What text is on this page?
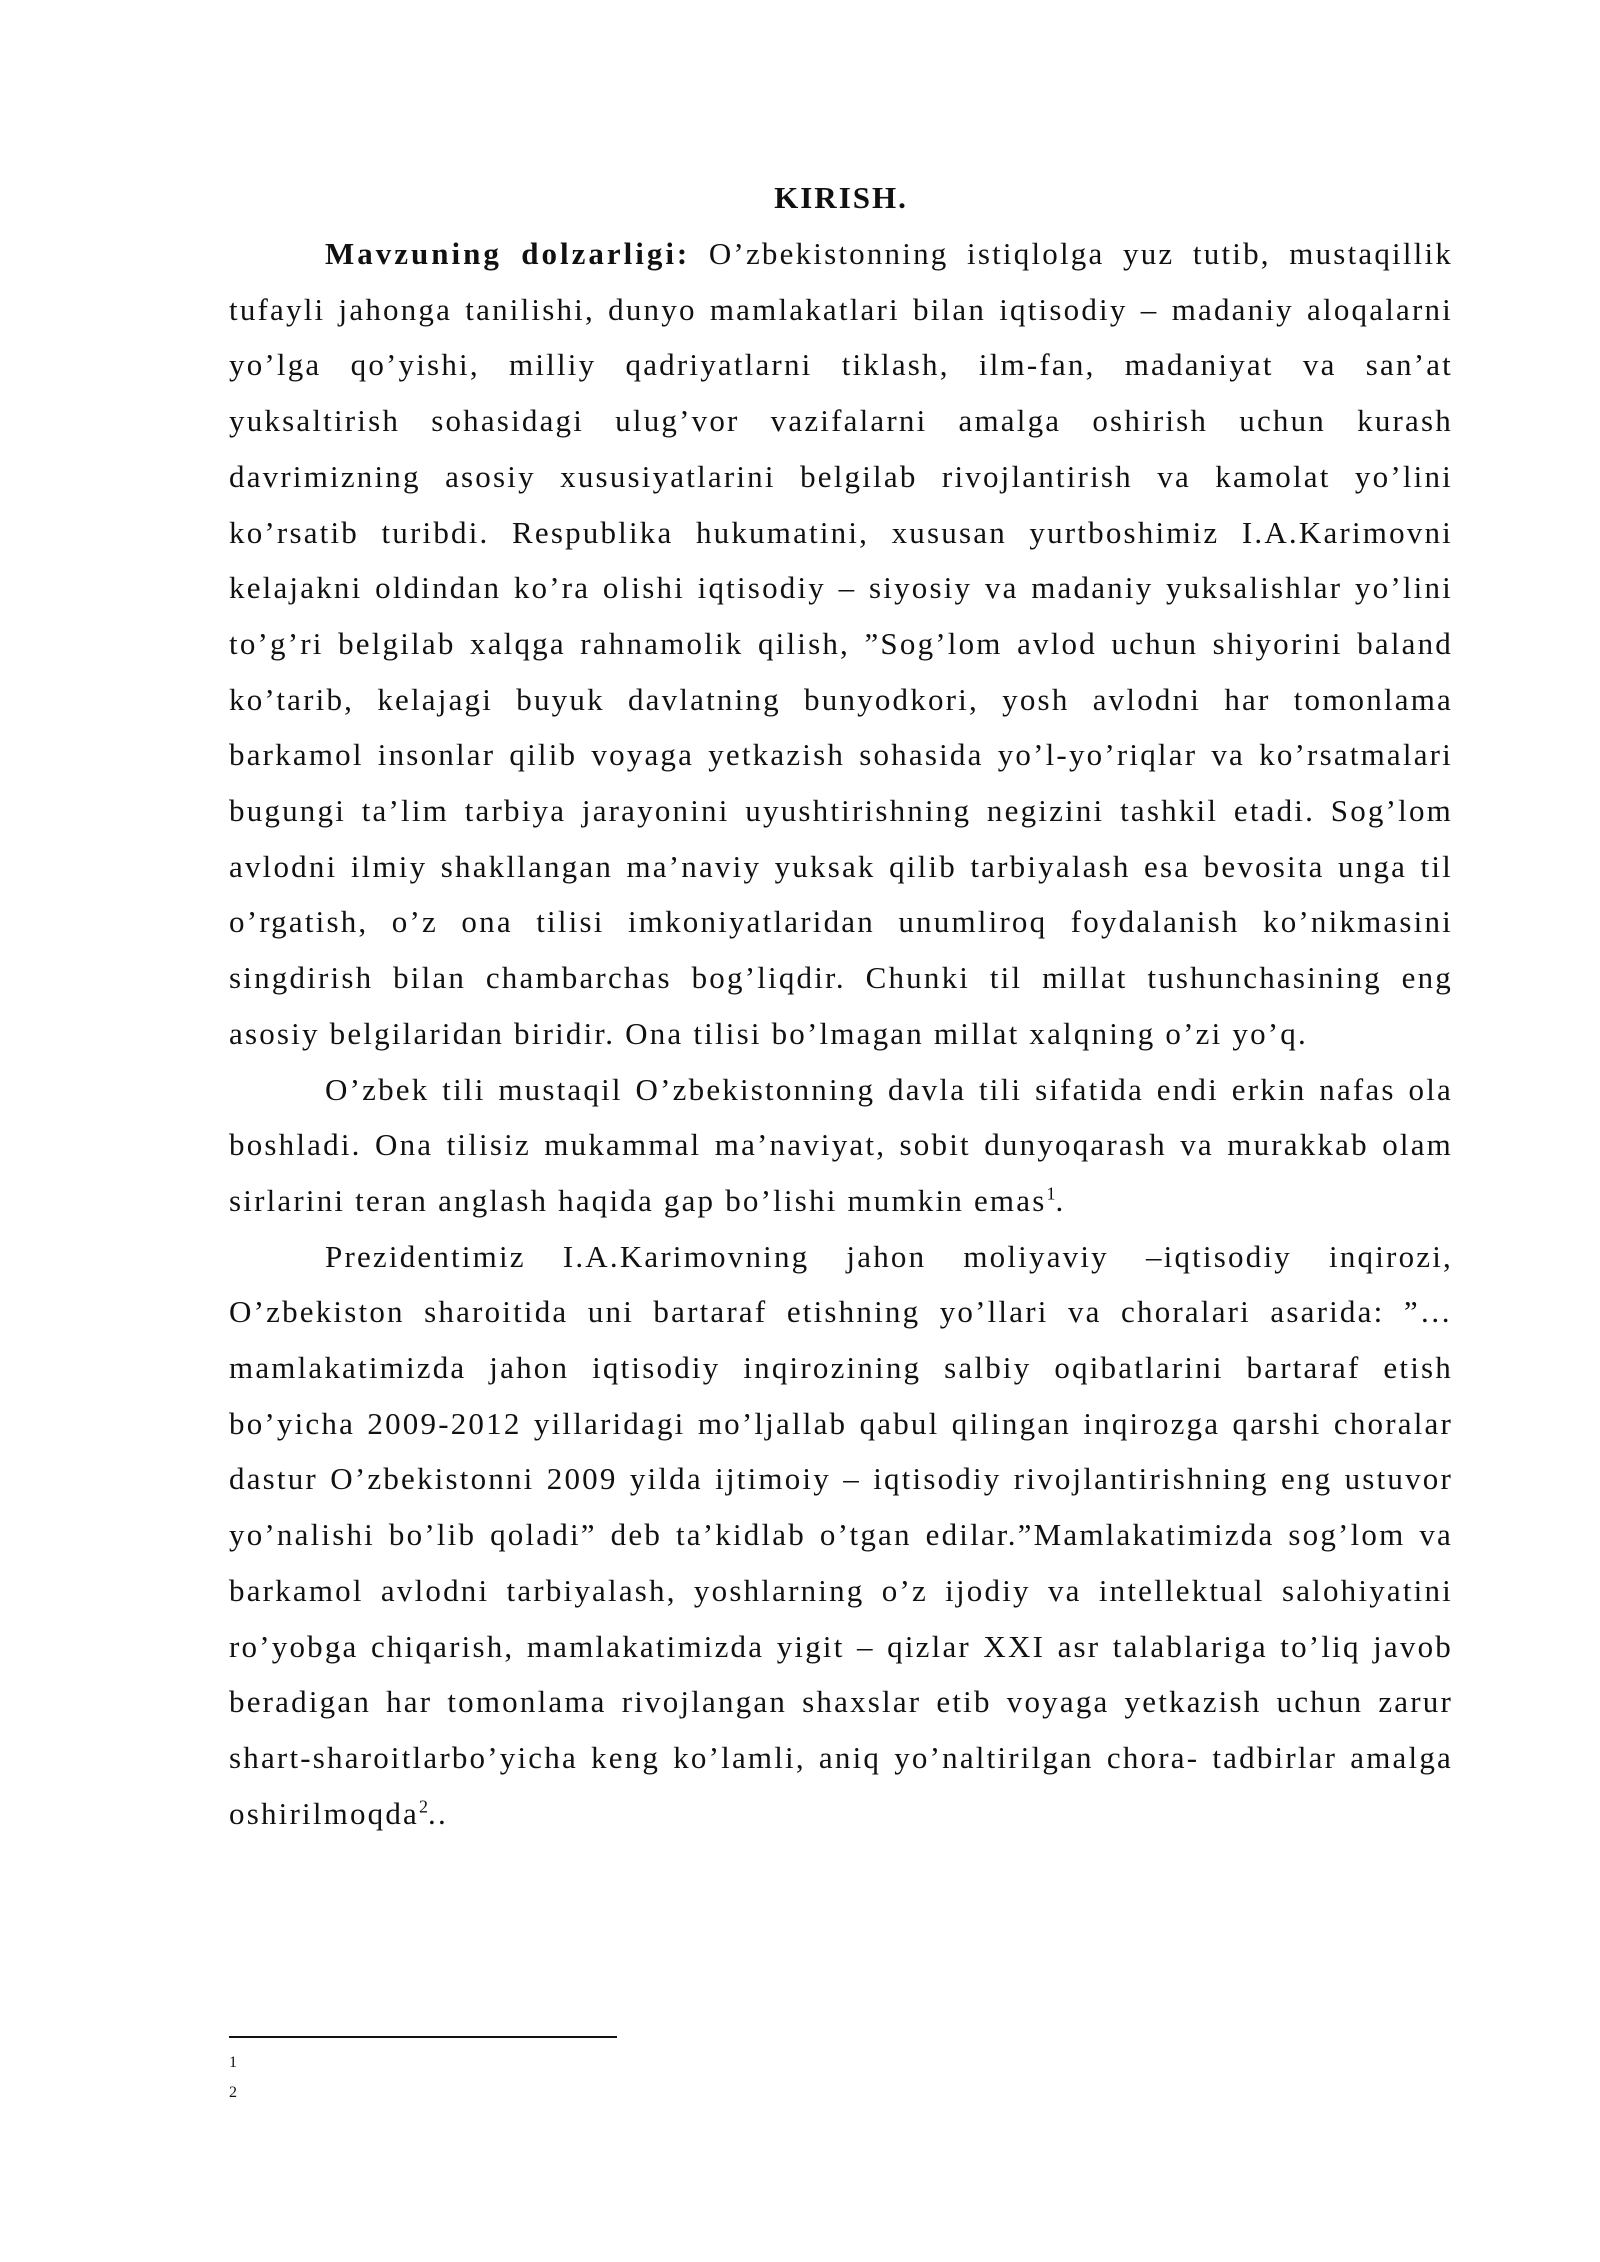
KIRISH.

Mavzuning dolzarligi: O’zbekistonning istiqlolga yuz tutib, mustaqillik tufayli jahonga tanilishi, dunyo mamlakatlari bilan iqtisodiy – madaniy aloqalarni yo’lga qo’yishi, milliy qadriyatlarni tiklash, ilm-fan, madaniyat va san’at yuksaltirish sohasidagi ulug’vor vazifalarni amalga oshirish uchun kurash davrimizning asosiy xususiyatlarini belgilab rivojlantirish va kamolat yo’lini ko’rsatib turibdi. Respublika hukumatini, xususan yurtboshimiz I.A.Karimovni kelajakni oldindan ko’ra olishi iqtisodiy – siyosiy va madaniy yuksalishlar yo’lini to’g’ri belgilab xalqga rahnamolik qilish, ”Sog’lom avlod uchun shiyorini baland ko’tarib, kelajagi buyuk davlatning bunyodkori, yosh avlodni har tomonlama barkamol insonlar qilib voyaga yetkazish sohasida yo’l-yo’riqlar va ko’rsatmalari bugungi ta’lim tarbiya jarayonini uyushtirishning negizini tashkil etadi. Sog’lom avlodni ilmiy shakllangan ma’naviy yuksak qilib tarbiyalash esa bevosita unga til o’rgatish, o’z ona tilisi imkoniyatlaridan unumliroq foydalanish ko’nikmasini singdirish bilan chambarchas bog’liqdir. Chunki til millat tushunchasining eng asosiy belgilaridan biridir. Ona tilisi bo’lmagan millat xalqning o’zi yo’q.

O’zbek tili mustaqil O’zbekistonning davla tili sifatida endi erkin nafas ola boshladi. Ona tilisiz mukammal ma’naviyat, sobit dunyoqarash va murakkab olam sirlarini teran anglash haqida gap bo’lishi mumkin emas$^1$.

Prezidentimiz I.A.Karimovning jahon moliyaviy –iqtisodiy inqirozi, O’zbekiston sharoitida uni bartaraf etishning yo’llari va choralari asarida: ”…mamlakatimizda jahon iqtisodiy inqirozining salbiy oqibatlarini bartaraf etish bo’yicha 2009-2012 yillaridagi mo’ljallab qabul qilingan inqirozga qarshi choralar dastur O’zbekistonni 2009 yilda ijtimoiy – iqtisodiy rivojlantirishning eng ustuvor yo’nalishi bo’lib qoladi” deb ta’kidlab o’tgan edilar.”Mamlakatimizda sog’lom va barkamol avlodni tarbiyalash, yoshlarning o’z ijodiy va intellektual salohiyatini ro’yobga chiqarish, mamlakatimizda yigit – qizlar XXI asr talablariga to’liq javob beradigan har tomonlama rivojlangan shaxslar etib voyaga yetkazish uchun zarur shart-sharoitlarbo’yicha keng ko’lamli, aniq yo’naltirilgan chora- tadbirlar amalga oshirilmoqda$^2$..

1
2
